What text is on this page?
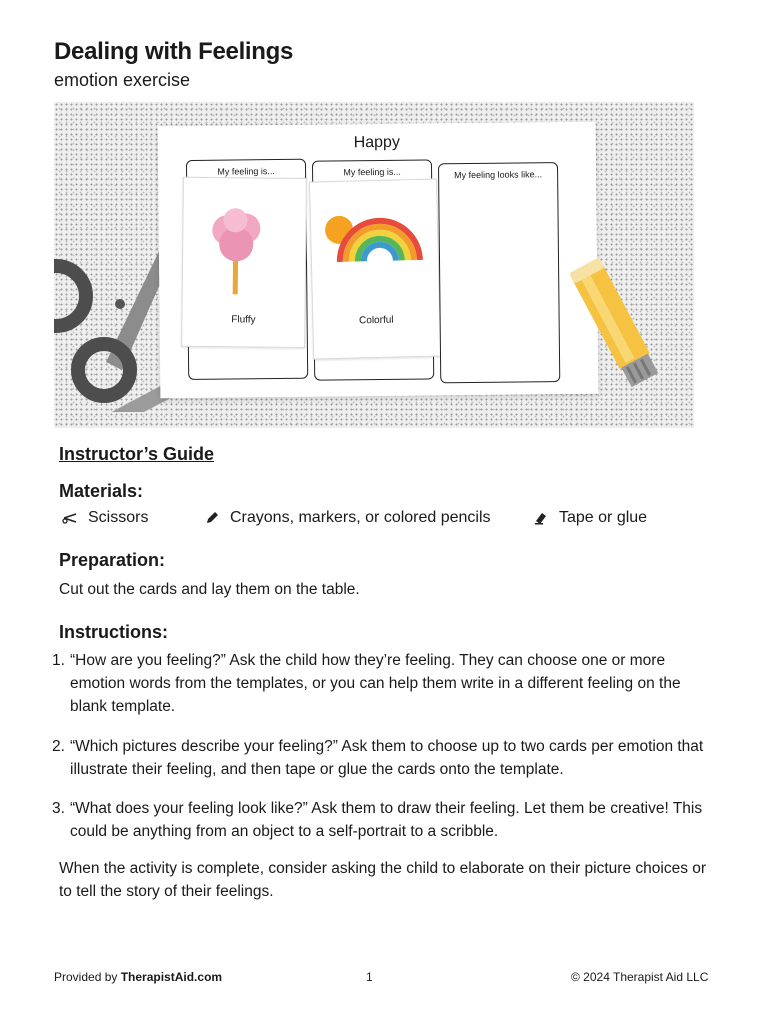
Dealing with Feelings
emotion exercise
Happy
My feeling is...
Fluffy
My feeling is...
Colorful
My feeling looks like...
Instructor’s Guide
Materials:
Scissors	Crayons, markers, or colored pencils	Tape or glue
Preparation:
Cut out the cards and lay them on the table.
Instructions:
1. “How are you feeling?” Ask the child how they’re feeling. They can choose one or more emotion words from the templates, or you can help them write in a different feeling on the blank template.
2. “Which pictures describe your feeling?” Ask them to choose up to two cards per emotion that illustrate their feeling, and then tape or glue the cards onto the template.
3. “What does your feeling look like?” Ask them to draw their feeling. Let them be creative! This could be anything from an object to a self-portrait to a scribble.
When the activity is complete, consider asking the child to elaborate on their picture choices or to tell the story of their feelings.
Provided by TherapistAid.com	1	© 2024 Therapist Aid LLC
